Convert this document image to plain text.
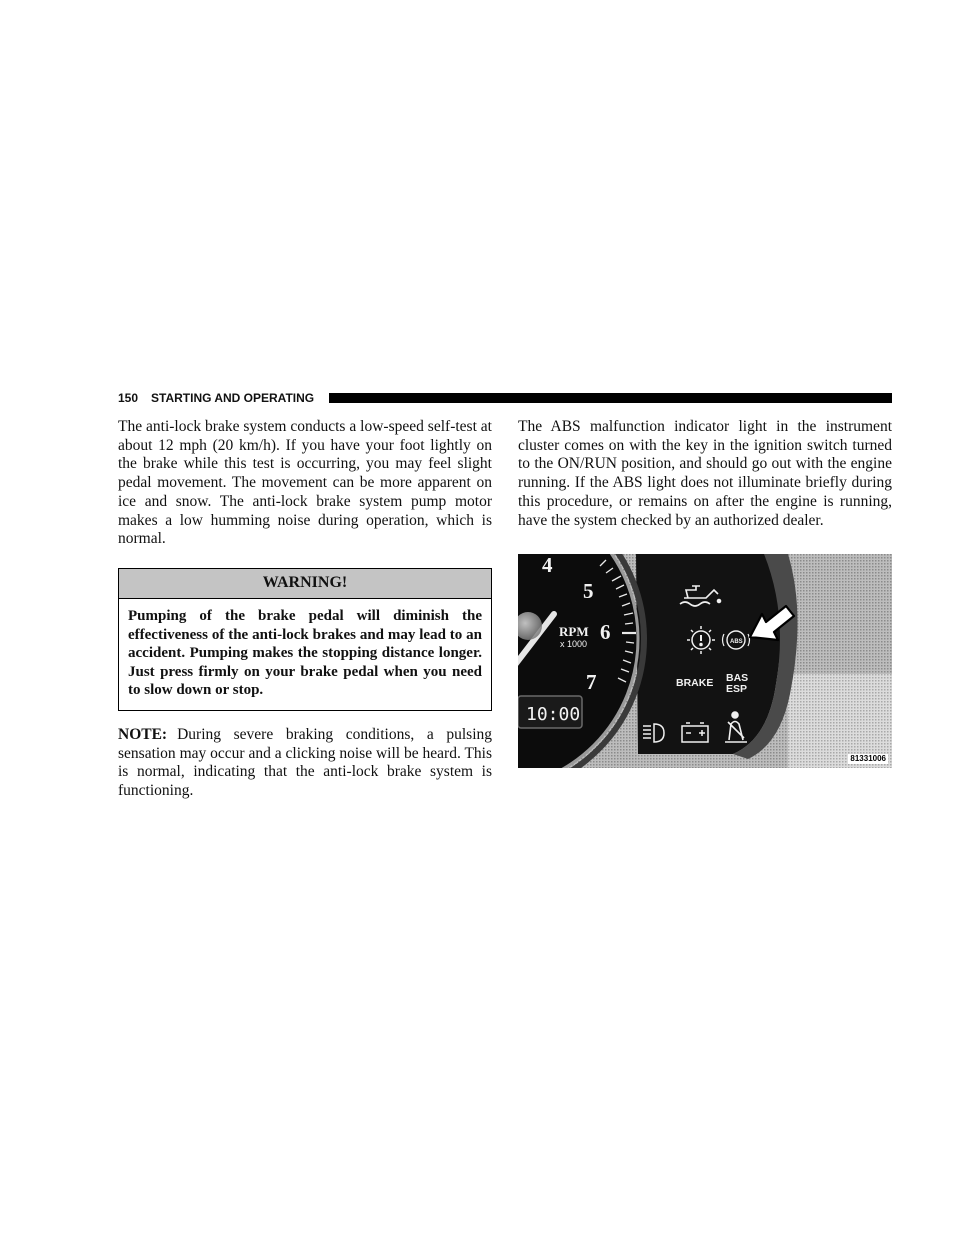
150 STARTING AND OPERATING

The anti-lock brake system conducts a low-speed self-test at about 12 mph (20 km/h). If you have your foot lightly on the brake while this test is occurring, you may feel slight pedal movement. The movement can be more apparent on ice and snow. The anti-lock brake system pump motor makes a low humming noise during operation, which is normal.

WARNING!
Pumping of the brake pedal will diminish the effectiveness of the anti-lock brakes and may lead to an accident. Pumping makes the stopping distance longer. Just press firmly on your brake pedal when you need to slow down or stop.
NOTE: During severe braking conditions, a pulsing sensation may occur and a clicking noise will be heard. This is normal, indicating that the anti-lock brake system is functioning.

The ABS malfunction indicator light in the instrument cluster comes on with the key in the ignition switch turned to the ON/RUN position, and should go out with the engine running. If the ABS light does not illuminate briefly during this procedure, or remains on after the engine is running, have the system checked by an authorized dealer.

4
5
6
7
RPM
x 1000
10:00
ABS
BRAKE BAS
ESP
81331006
